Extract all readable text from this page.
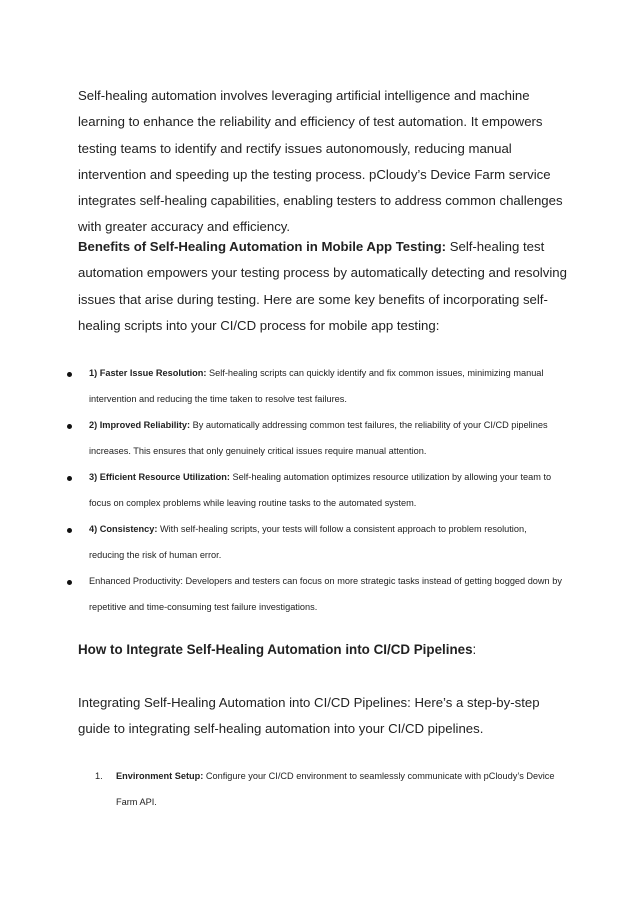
Self-healing automation involves leveraging artificial intelligence and machine learning to enhance the reliability and efficiency of test automation. It empowers testing teams to identify and rectify issues autonomously, reducing manual intervention and speeding up the testing process. pCloudy’s Device Farm service integrates self-healing capabilities, enabling testers to address common challenges with greater accuracy and efficiency.

Benefits of Self-Healing Automation in Mobile App Testing: Self-healing test automation empowers your testing process by automatically detecting and resolving issues that arise during testing. Here are some key benefits of incorporating self-healing scripts into your CI/CD process for mobile app testing:

1) Faster Issue Resolution: Self-healing scripts can quickly identify and fix common issues, minimizing manual intervention and reducing the time taken to resolve test failures.
2) Improved Reliability: By automatically addressing common test failures, the reliability of your CI/CD pipelines increases. This ensures that only genuinely critical issues require manual attention.
3) Efficient Resource Utilization: Self-healing automation optimizes resource utilization by allowing your team to focus on complex problems while leaving routine tasks to the automated system.
4) Consistency: With self-healing scripts, your tests will follow a consistent approach to problem resolution, reducing the risk of human error.
Enhanced Productivity: Developers and testers can focus on more strategic tasks instead of getting bogged down by repetitive and time-consuming test failure investigations.
How to Integrate Self-Healing Automation into CI/CD Pipelines:

Integrating Self-Healing Automation into CI/CD Pipelines: Here’s a step-by-step guide to integrating self-healing automation into your CI/CD pipelines.

1. Environment Setup: Configure your CI/CD environment to seamlessly communicate with pCloudy’s Device Farm API.
